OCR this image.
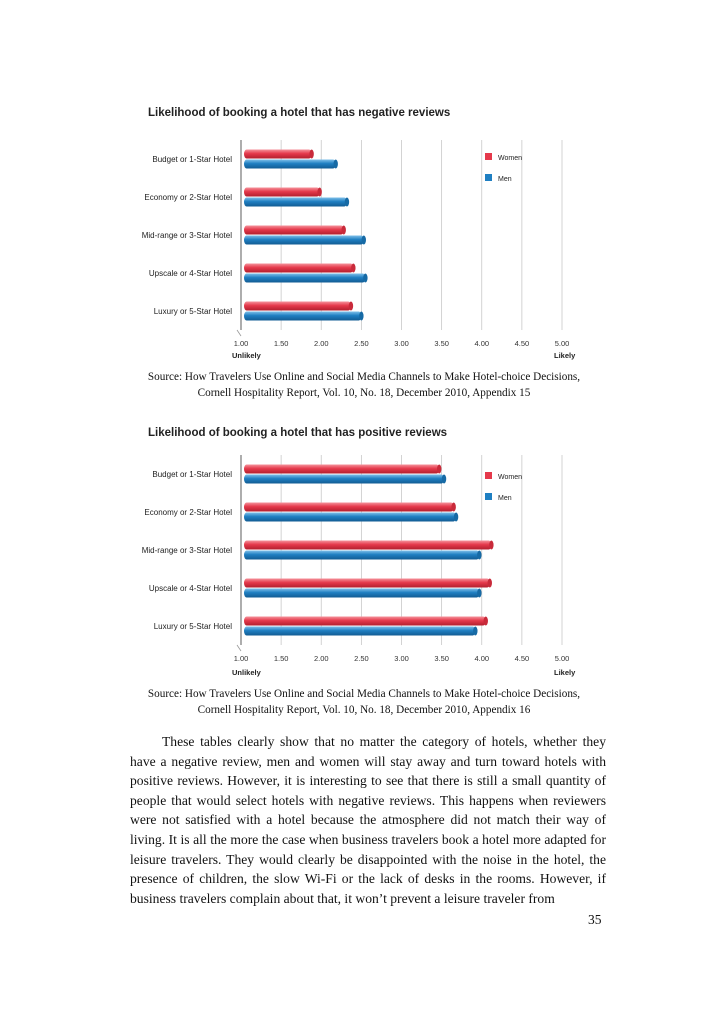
Likelihood of booking a hotel that has negative reviews
1.00	1.50	2.00	2.50	3.00	3.50	4.00	4.50	5.00
Unlikely	Likely
Budget or 1-Star Hotel
Economy or 2-Star Hotel
Mid-range or 3-Star Hotel
Upscale or 4-Star Hotel
Luxury or 5-Star Hotel
Women
Men
Source: How Travelers Use Online and Social Media Channels to Make Hotel-choice Decisions,
Cornell Hospitality Report, Vol. 10, No. 18, December 2010, Appendix 15
Likelihood of booking a hotel that has positive reviews
1.00	1.50	2.00	2.50	3.00	3.50	4.00	4.50	5.00
Unlikely	Likely
Budget or 1-Star Hotel
Economy or 2-Star Hotel
Mid-range or 3-Star Hotel
Upscale or 4-Star Hotel
Luxury or 5-Star Hotel
Women
Men
Source: How Travelers Use Online and Social Media Channels to Make Hotel-choice Decisions,
Cornell Hospitality Report, Vol. 10, No. 18, December 2010, Appendix 16
These tables clearly show that no matter the category of hotels, whether they have a negative review, men and women will stay away and turn toward hotels with positive reviews. However, it is interesting to see that there is still a small quantity of people that would select hotels with negative reviews. This happens when reviewers were not satisfied with a hotel because the atmosphere did not match their way of living. It is all the more the case when business travelers book a hotel more adapted for leisure travelers. They would clearly be disappointed with the noise in the hotel, the presence of children, the slow Wi-Fi or the lack of desks in the rooms. However, if business travelers complain about that, it won’t prevent a leisure traveler from
35
